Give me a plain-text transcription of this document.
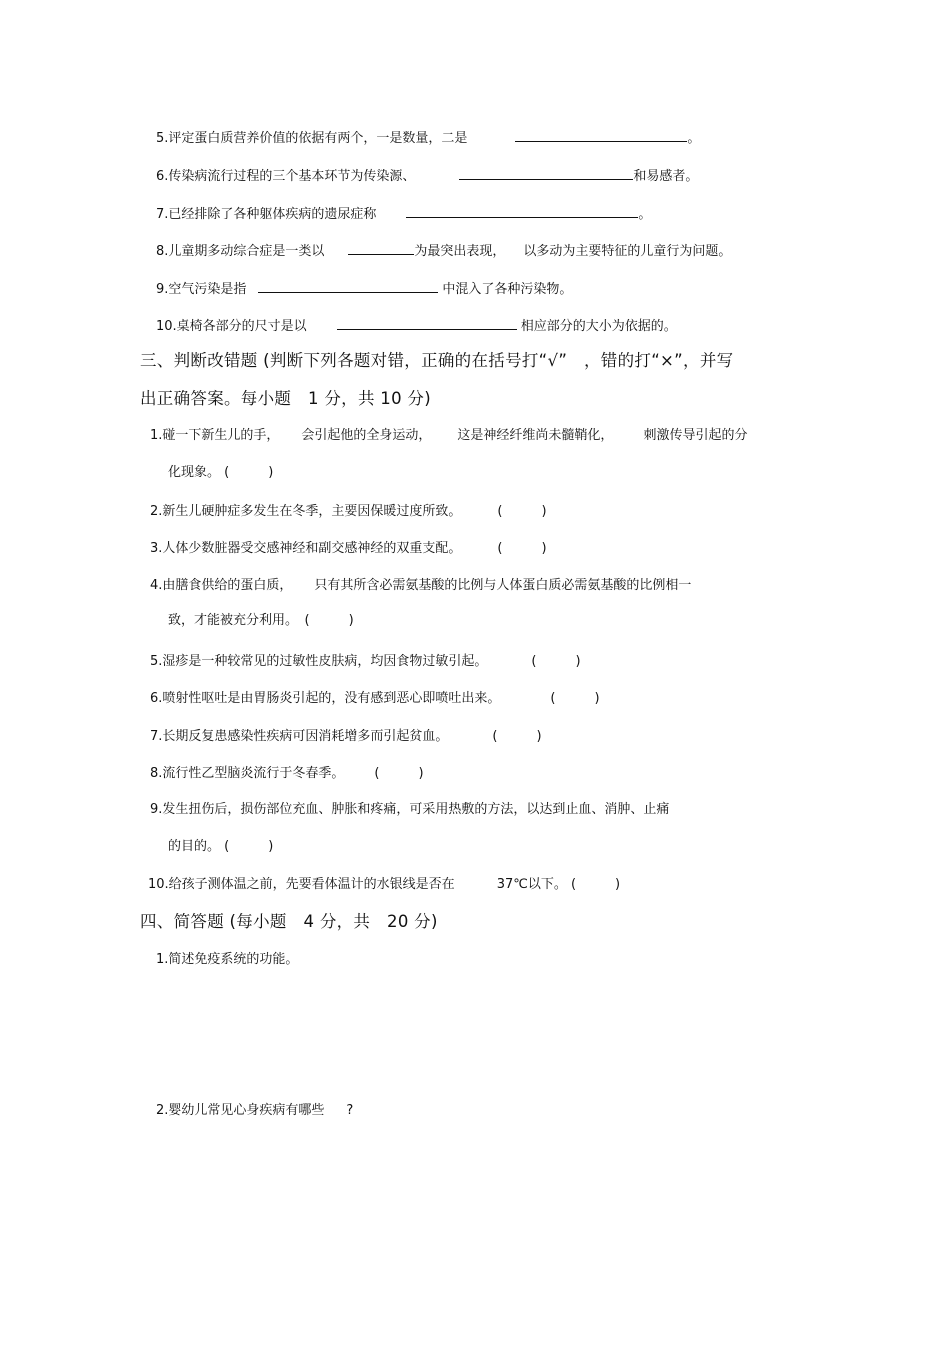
5.评定蛋白质营养价值的依据有两个，一是数量，二是	。
6.传染病流行过程的三个基本环节为传染源、	和易感者。
7.已经排除了各种躯体疾病的遗尿症称	。
8.儿童期多动综合症是一类以	为最突出表现， 以多动为主要特征的儿童行为问题。
9.空气污染是指	中混入了各种污染物。
10.桌椅各部分的尺寸是以	相应部分的大小为依据的。
三、判断改错题 (判断下列各题对错，正确的在括号打“√”　，错的打“×”，并写
出正确答案。每小题　1 分，共 10 分)
1.碰一下新生儿的手， 会引起他的全身运动， 这是神经纤维尚未髓鞘化， 刺激传导引起的分
化现象。 (　　　)
2.新生儿硬肿症多发生在冬季，主要因保暖过度所致。	(　　　)
3.人体少数脏器受交感神经和副交感神经的双重支配。	(　　　)
4.由膳食供给的蛋白质， 只有其所含必需氨基酸的比例与人体蛋白质必需氨基酸的比例相一
致，才能被充分利用。　(　　　)
5.湿疹是一种较常见的过敏性皮肤病，均因食物过敏引起。	(　　　)
6.喷射性呕吐是由胃肠炎引起的，没有感到恶心即喷吐出来。	(　　　)
7.长期反复患感染性疾病可因消耗增多而引起贫血。	(　　　)
8.流行性乙型脑炎流行于冬春季。 (　　　)
9.发生扭伤后，损伤部位充血、肿胀和疼痛，可采用热敷的方法，以达到止血、消肿、止痛
的目的。 (　　　)
10.给孩子测体温之前，先要看体温计的水银线是否在	37℃以下。 (　　　)
四、简答题 (每小题　4 分，共　20 分)
1.简述免疫系统的功能。
2.婴幼儿常见心身疾病有哪些 ?
